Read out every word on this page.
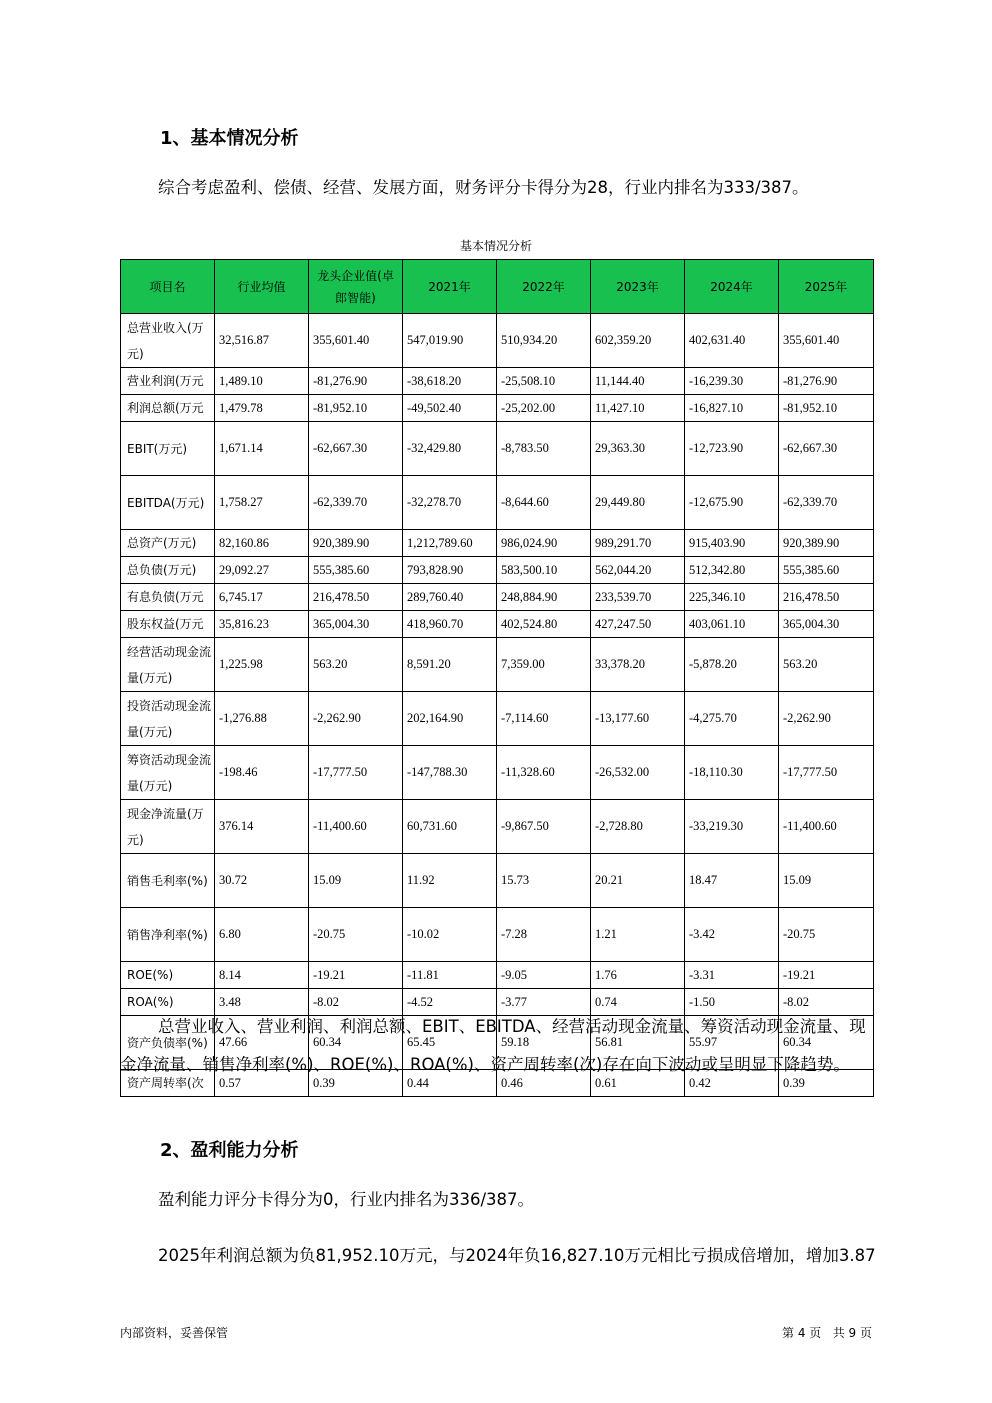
1、基本情况分析

综合考虑盈利、偿债、经营、发展方面，财务评分卡得分为28，行业内排名为333/387。

基本情况分析
项目名	行业均值	龙头企业值(卓郎智能)	2021年	2022年	2023年	2024年	2025年
总营业收入(万元)	32,516.87	355,601.40	547,019.90	510,934.20	602,359.20	402,631.40	355,601.40
营业利润(万元	1,489.10	-81,276.90	-38,618.20	-25,508.10	11,144.40	-16,239.30	-81,276.90
利润总额(万元	1,479.78	-81,952.10	-49,502.40	-25,202.00	11,427.10	-16,827.10	-81,952.10
EBIT(万元)	1,671.14	-62,667.30	-32,429.80	-8,783.50	29,363.30	-12,723.90	-62,667.30
EBITDA(万元)	1,758.27	-62,339.70	-32,278.70	-8,644.60	29,449.80	-12,675.90	-62,339.70
总资产(万元)	82,160.86	920,389.90	1,212,789.60	986,024.90	989,291.70	915,403.90	920,389.90
总负债(万元)	29,092.27	555,385.60	793,828.90	583,500.10	562,044.20	512,342.80	555,385.60
有息负债(万元	6,745.17	216,478.50	289,760.40	248,884.90	233,539.70	225,346.10	216,478.50
股东权益(万元	35,816.23	365,004.30	418,960.70	402,524.80	427,247.50	403,061.10	365,004.30
经营活动现金流量(万元)	1,225.98	563.20	8,591.20	7,359.00	33,378.20	-5,878.20	563.20
投资活动现金流量(万元)	-1,276.88	-2,262.90	202,164.90	-7,114.60	-13,177.60	-4,275.70	-2,262.90
筹资活动现金流量(万元)	-198.46	-17,777.50	-147,788.30	-11,328.60	-26,532.00	-18,110.30	-17,777.50
现金净流量(万元)	376.14	-11,400.60	60,731.60	-9,867.50	-2,728.80	-33,219.30	-11,400.60
销售毛利率(%)	30.72	15.09	11.92	15.73	20.21	18.47	15.09
销售净利率(%)	6.80	-20.75	-10.02	-7.28	1.21	-3.42	-20.75
ROE(%)	8.14	-19.21	-11.81	-9.05	1.76	-3.31	-19.21
ROA(%)	3.48	-8.02	-4.52	-3.77	0.74	-1.50	-8.02
资产负债率(%)	47.66	60.34	65.45	59.18	56.81	55.97	60.34
资产周转率(次	0.57	0.39	0.44	0.46	0.61	0.42	0.39

总营业收入、营业利润、利润总额、EBIT、EBITDA、经营活动现金流量、筹资活动现金流量、现金净流量、销售净利率(%)、ROE(%)、ROA(%)、资产周转率(次)存在向下波动或呈明显下降趋势。

2、盈利能力分析

盈利能力评分卡得分为0，行业内排名为336/387。

2025年利润总额为负81,952.10万元，与2024年负16,827.10万元相比亏损成倍增加，增加3.87

内部资料，妥善保管	第 4 页   共 9 页
